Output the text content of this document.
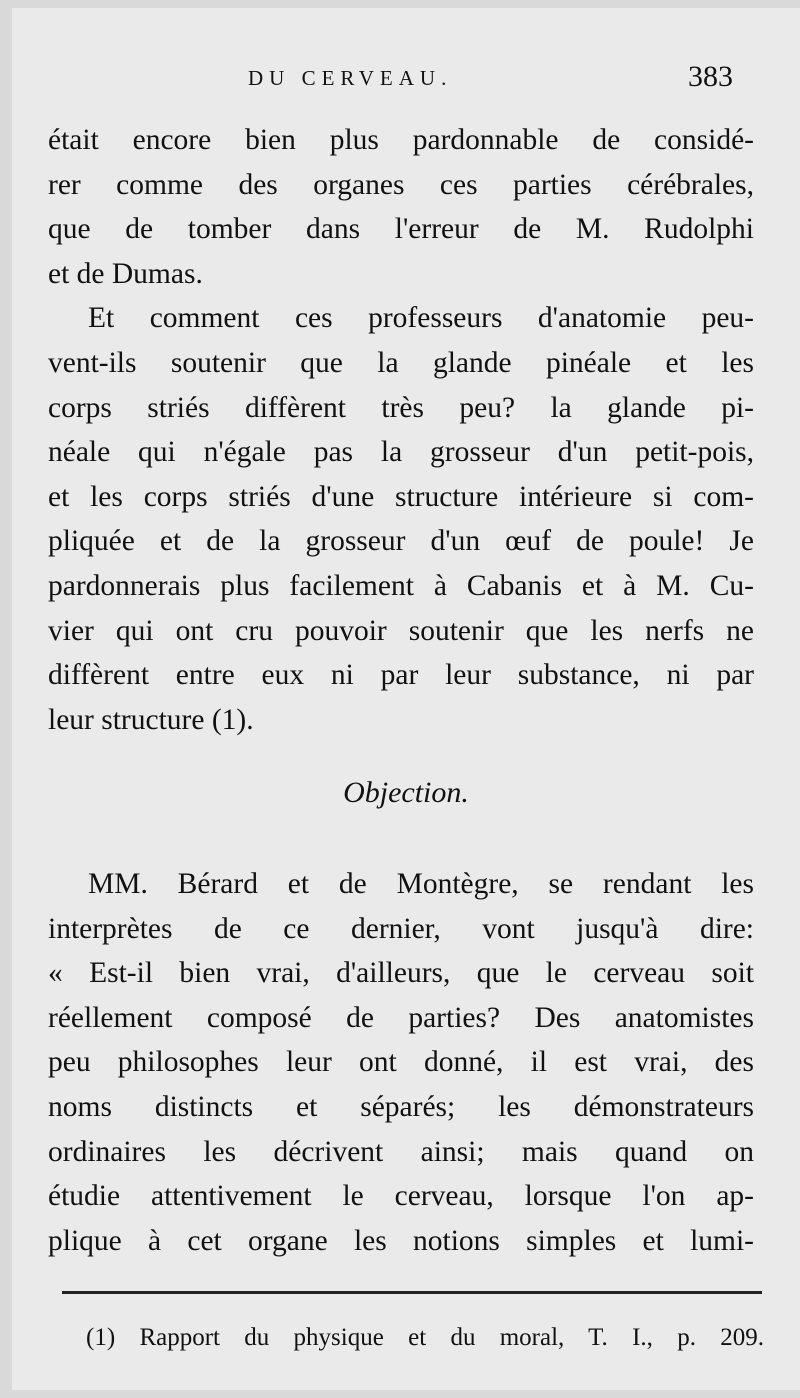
DU CERVEAU.	383
était encore bien plus pardonnable de considé-
rer comme des organes ces parties cérébrales,
que de tomber dans l'erreur de M. Rudolphi
et de Dumas.
Et comment ces professeurs d'anatomie peu-
vent-ils soutenir que la glande pinéale et les
corps striés diffèrent très peu? la glande pi-
néale qui n'égale pas la grosseur d'un petit-pois,
et les corps striés d'une structure intérieure si com-
pliquée et de la grosseur d'un œuf de poule! Je
pardonnerais plus facilement à Cabanis et à M. Cu-
vier qui ont cru pouvoir soutenir que les nerfs ne
diffèrent entre eux ni par leur substance, ni par
leur structure (1).
Objection.
MM. Bérard et de Montègre, se rendant les
interprètes de ce dernier, vont jusqu'à dire:
« Est-il bien vrai, d'ailleurs, que le cerveau soit
réellement composé de parties? Des anatomistes
peu philosophes leur ont donné, il est vrai, des
noms distincts et séparés; les démonstrateurs
ordinaires les décrivent ainsi; mais quand on
étudie attentivement le cerveau, lorsque l'on ap-
plique à cet organe les notions simples et lumi-
(1) Rapport du physique et du moral, T. I., p. 209.
